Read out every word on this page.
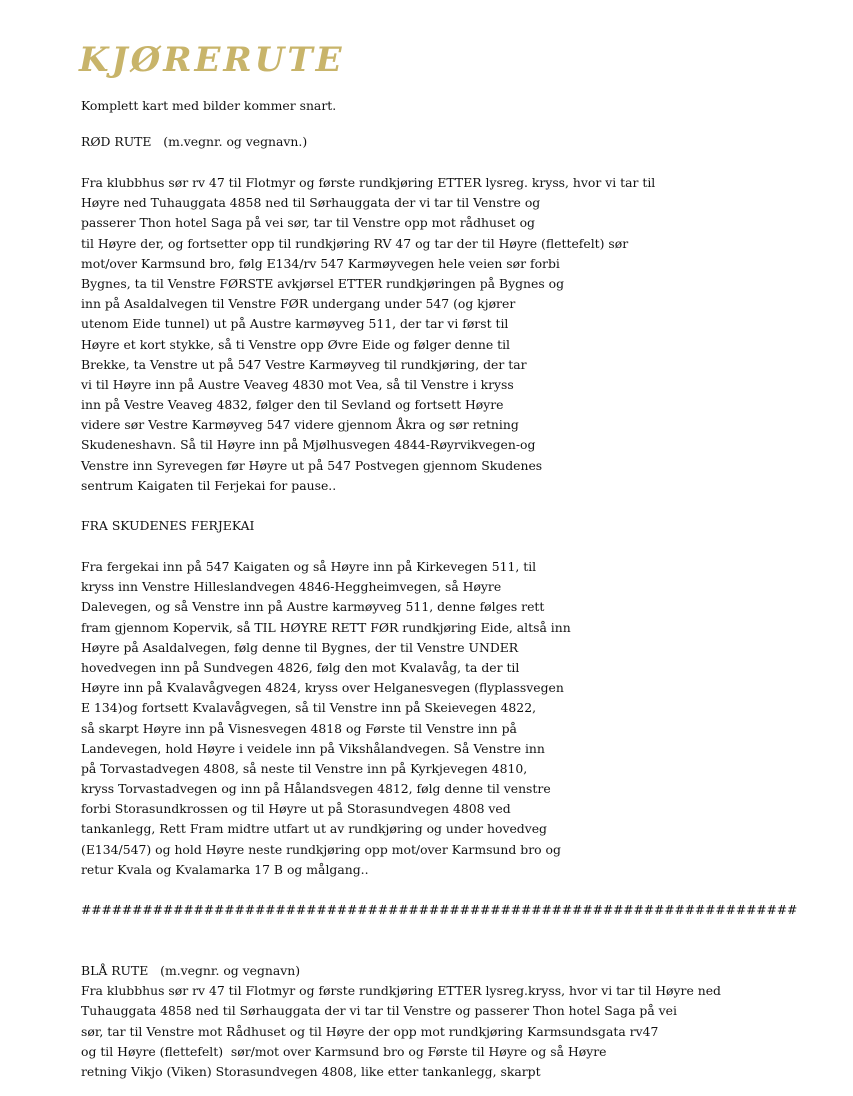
KJØRERUTE
Komplett kart med bilder kommer snart.
RØD RUTE   (m.vegnr. og vegnavn.)
Fra klubbhus sør rv 47 til Flotmyr og første rundkjøring ETTER lysreg. kryss, hvor vi tar til
Høyre ned Tuhauggata 4858 ned til Sørhauggata der vi tar til Venstre og
passerer Thon hotel Saga på vei sør, tar til Venstre opp mot rådhuset og
til Høyre der, og fortsetter opp til rundkjøring RV 47 og tar der til Høyre (flettefelt) sør
mot/over Karmsund bro, følg E134/rv 547 Karmøyvegen hele veien sør forbi
Bygnes, ta til Venstre FØRSTE avkjørsel ETTER rundkjøringen på Bygnes og
inn på Asaldalvegen til Venstre FØR undergang under 547 (og kjører
utenom Eide tunnel) ut på Austre karmøyveg 511, der tar vi først til
Høyre et kort stykke, så ti Venstre opp Øvre Eide og følger denne til
Brekke, ta Venstre ut på 547 Vestre Karmøyveg til rundkjøring, der tar
vi til Høyre inn på Austre Veaveg 4830 mot Vea, så til Venstre i kryss
inn på Vestre Veaveg 4832, følger den til Sevland og fortsett Høyre
videre sør Vestre Karmøyveg 547 videre gjennom Åkra og sør retning
Skudeneshavn. Så til Høyre inn på Mjølhusvegen 4844-Røyrvikvegen-og
Venstre inn Syrevegen før Høyre ut på 547 Postvegen gjennom Skudenes
sentrum Kaigaten til Ferjekai for pause..
FRA SKUDENES FERJEKAI
Fra fergekai inn på 547 Kaigaten og så Høyre inn på Kirkevegen 511, til
kryss inn Venstre Hilleslandvegen 4846-Heggheimvegen, så Høyre
Dalevegen, og så Venstre inn på Austre karmøyveg 511, denne følges rett
fram gjennom Kopervik, så TIL HØYRE RETT FØR rundkjøring Eide, altså inn
Høyre på Asaldalvegen, følg denne til Bygnes, der til Venstre UNDER
hovedvegen inn på Sundvegen 4826, følg den mot Kvalavåg, ta der til
Høyre inn på Kvalavågvegen 4824, kryss over Helganesvegen (flyplassvegen
E 134)og fortsett Kvalavågvegen, så til Venstre inn på Skeievegen 4822,
så skarpt Høyre inn på Visnesvegen 4818 og Første til Venstre inn på
Landevegen, hold Høyre i veidele inn på Vikshålandvegen. Så Venstre inn
på Torvastadvegen 4808, så neste til Venstre inn på Kyrkjevegen 4810,
kryss Torvastadvegen og inn på Hålandsvegen 4812, følg denne til venstre
forbi Storasundkrossen og til Høyre ut på Storasundvegen 4808 ved
tankanlegg, Rett Fram midtre utfart ut av rundkjøring og under hovedveg
(E134/547) og hold Høyre neste rundkjøring opp mot/over Karmsund bro og
retur Kvala og Kvalamarka 17 B og målgang..
######################################################################
BLÅ RUTE   (m.vegnr. og vegnavn)
Fra klubbhus sør rv 47 til Flotmyr og første rundkjøring ETTER lysreg.kryss, hvor vi tar til Høyre ned
Tuhauggata 4858 ned til Sørhauggata der vi tar til Venstre og passerer Thon hotel Saga på vei
sør, tar til Venstre mot Rådhuset og til Høyre der opp mot rundkjøring Karmsundsgata rv47
og til Høyre (flettefelt)  sør/mot over Karmsund bro og Første til Høyre og så Høyre
retning Vikjo (Viken) Storasundvegen 4808, like etter tankanlegg, skarpt
